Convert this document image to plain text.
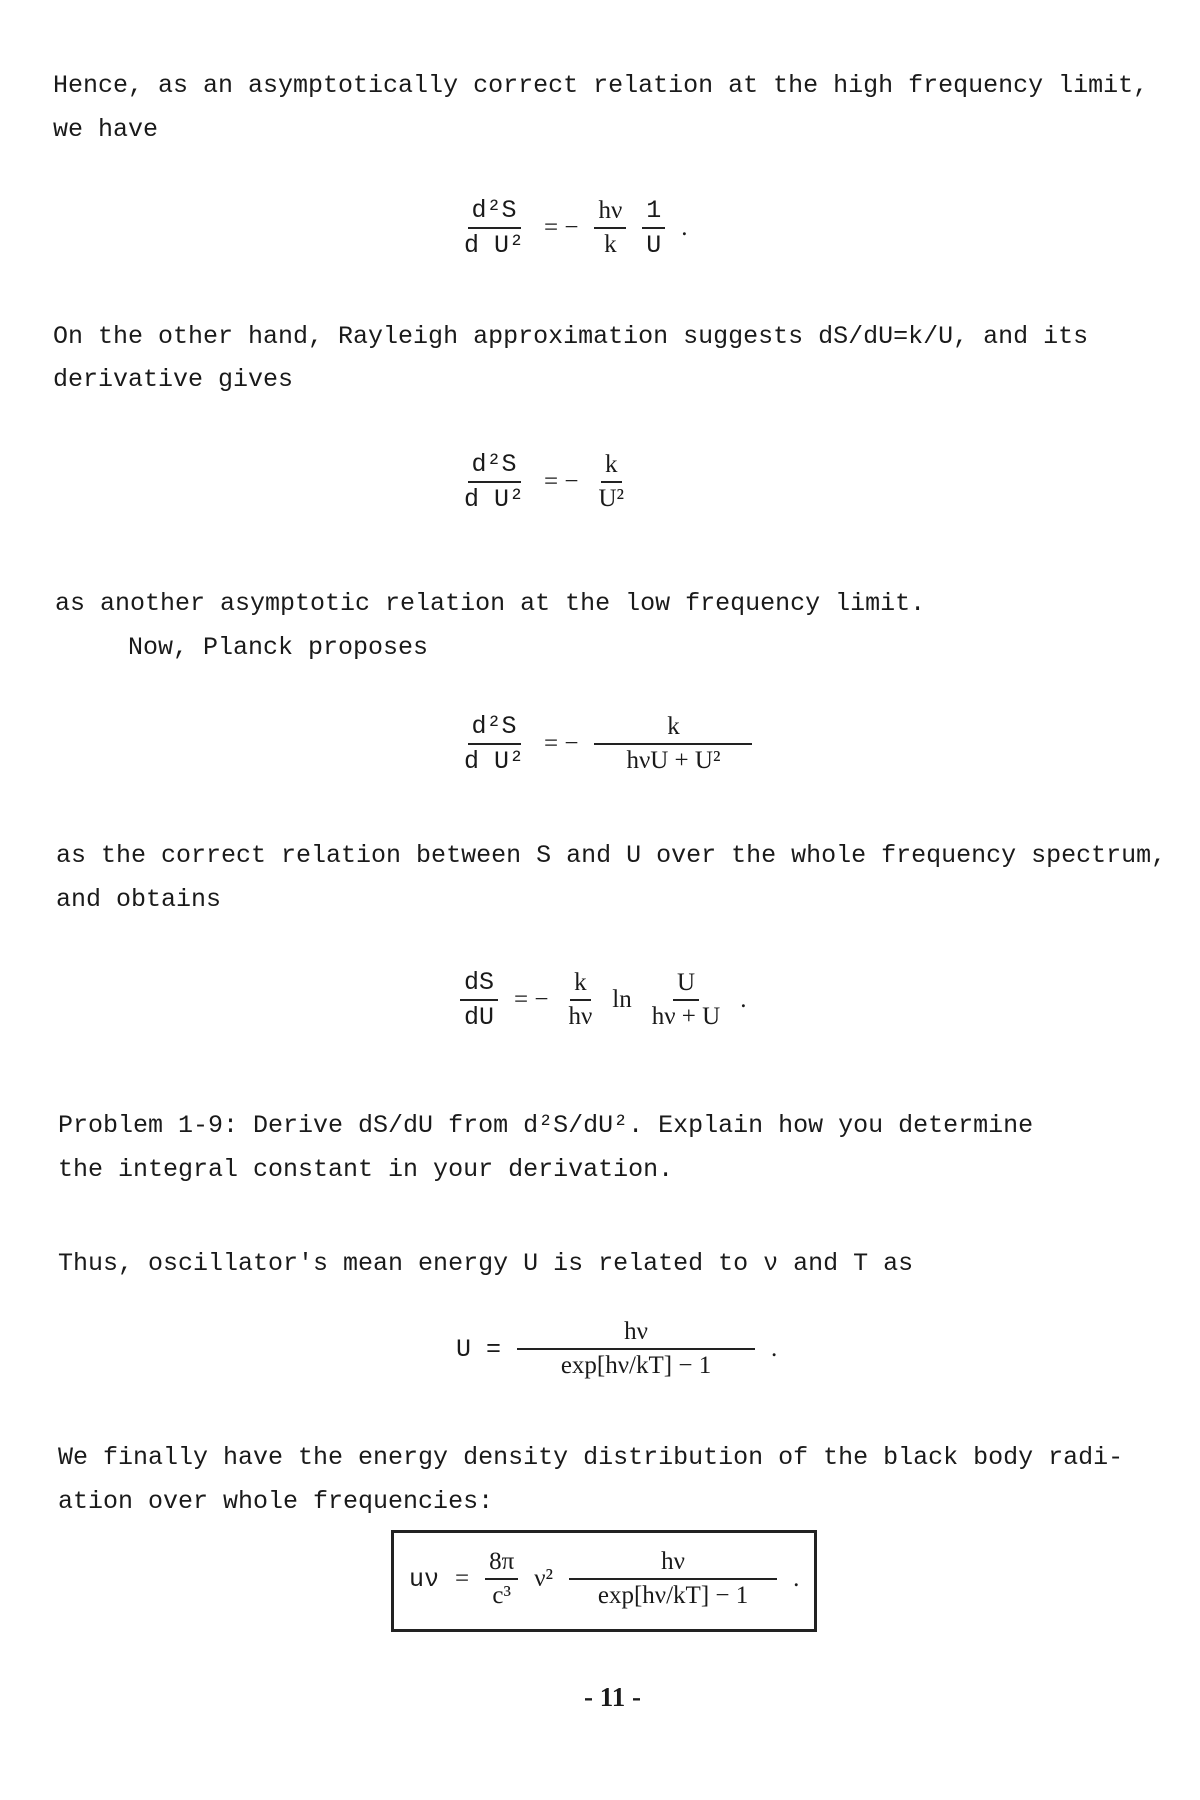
Hence, as an asymptotically correct relation at the high frequency limit,

we have

$\frac{\text{d²S}}{\text{d U²}}$ = − $\frac{h\nu}{k} \frac{1}{U}$ .

On the other hand, Rayleigh approximation suggests dS/dU=k/U, and its

derivative gives

$\frac{\text{d²S}}{\text{d U²}}$ = − $\frac{k}{\text{U²}}$

as another asymptotic relation at the low frequency limit.

Now, Planck proposes

$\frac{\text{d²S}}{\text{d U²}}$ = − $\frac{k}{\text{hνU + U²}}$

as the correct relation between S and U over the whole frequency spectrum,

and obtains

$\frac{dS}{dU}$ = − $\frac{k}{h\nu}$ $\ln \frac{U}{h\nu + U}$ .

Problem 1-9: Derive dS/dU from d²S/dU². Explain how you determine

the integral constant in your derivation.

Thus, oscillator's mean energy U is related to ν and T as

$U = \frac{h\nu}{\exp[h\nu/kT] - 1}$ .

We finally have the energy density distribution of the black body radi-

ation over whole frequencies:

$u\nu = \frac{8\pi}{\text{c³}} \nu^2 \frac{h\nu}{\exp[h\nu/kT] - 1}$ .
- 11 -
